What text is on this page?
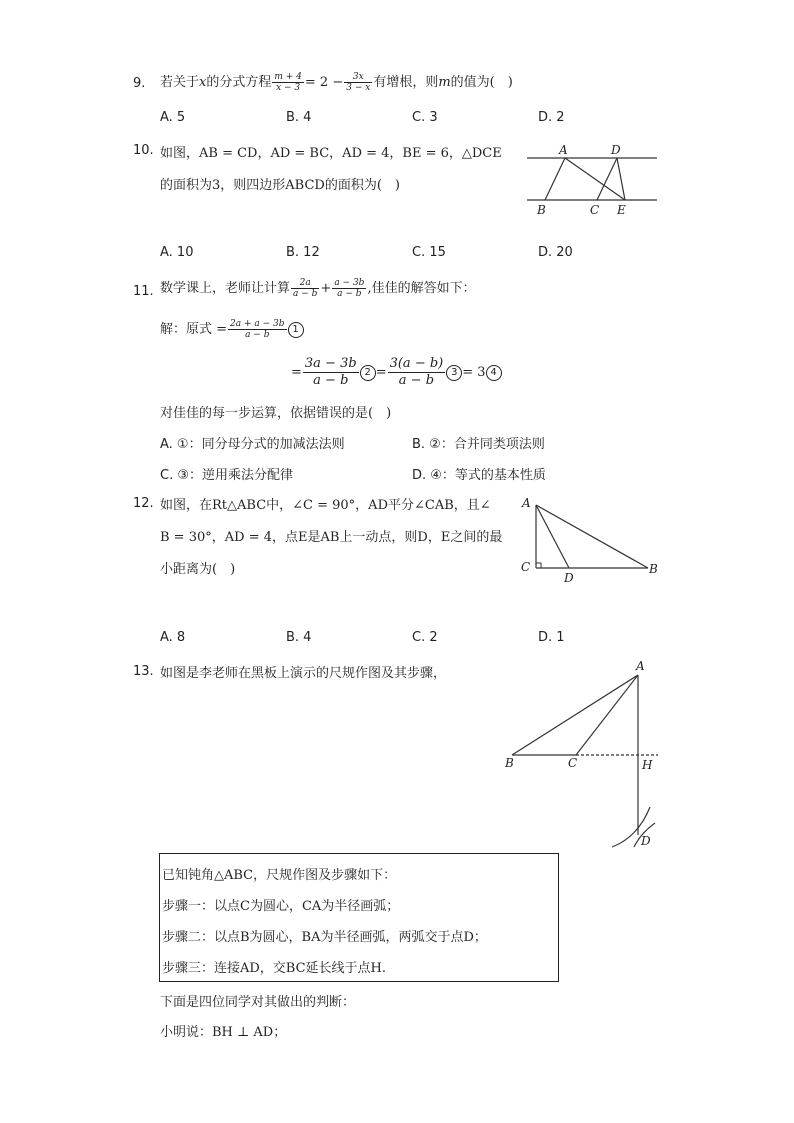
9. 若关于x的分式方程 $\frac{m + 4}{x - 3} = 2 - \frac{3x}{3 - x}$ 有增根，则m的值为(　)
A. 5	B. 4	C. 3	D. 2
10. 如图，AB = CD，AD = BC，AD = 4，BE = 6，△DCE
的面积为3，则四边形ABCD的面积为(　)
A	D
B	C E
A. 10	B. 12	C. 15	D. 20
11. 数学课上，老师让计算 $\frac{2a}{a - b} + \frac{a - 3b}{a - b}$ ,佳佳的解答如下：
解：原式 = $\frac{2a + a - 3b}{a - b} 1$
= $\frac{3a - 3b}{a - b} 2 = \frac{3(a - b)}{a - b} 3 = 3$ 4
对佳佳的每一步运算，依据错误的是(　)
A. ①：同分母分式的加减法法则	B. ②：合并同类项法则
C. ③：逆用乘法分配律	D. ④：等式的基本性质
12. 如图，在Rt△ABC中，∠C = 90°，AD平分∠CAB，且∠
B = 30°，AD = 4，点E是AB上一动点，则D，E之间的最
小距离为(　)
A
C
D
B
A. 8	B. 4	C. 2	D. 1
13. 如图是李老师在黑板上演示的尺规作图及其步骤，	A
B	C	H
D
已知钝角△ABC，尺规作图及步骤如下：
步骤一：以点C为圆心，CA为半径画弧；
步骤二：以点B为圆心，BA为半径画弧，两弧交于点D；
步骤三：连接AD，交BC延长线于点H.
下面是四位同学对其做出的判断：
小明说：BH ⊥ AD；
